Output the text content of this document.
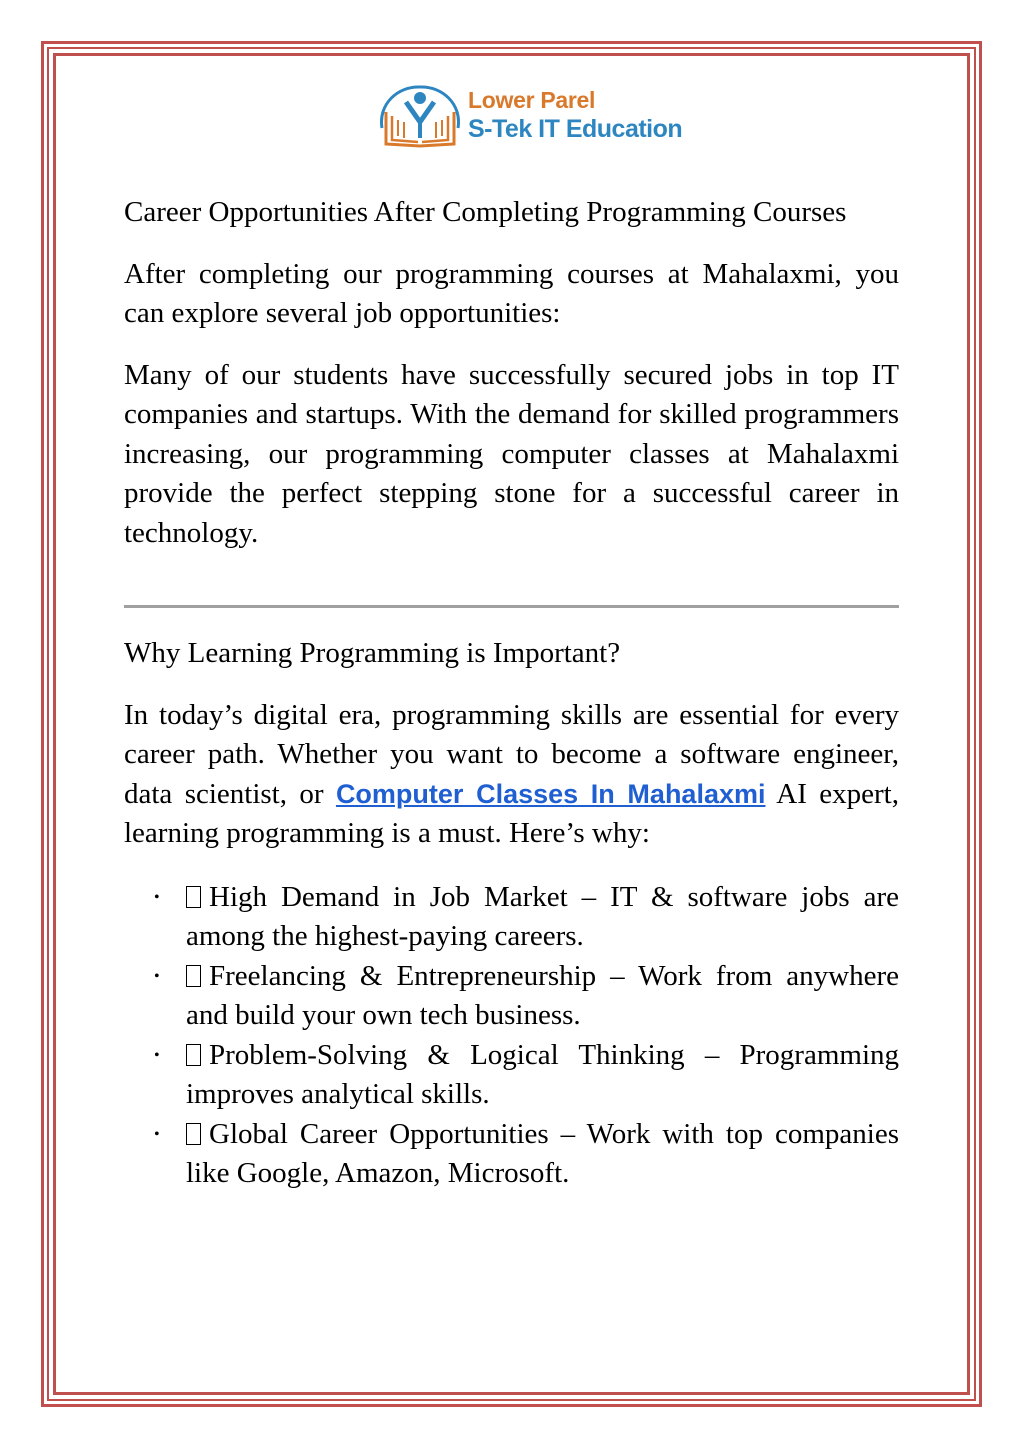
Lower Parel
S-Tek IT Education

Career Opportunities After Completing Programming Courses

After completing our programming courses at Mahalaxmi, you can explore several job opportunities:

Many of our students have successfully secured jobs in top IT companies and startups. With the demand for skilled programmers increasing, our programming computer classes at Mahalaxmi provide the perfect stepping stone for a successful career in technology.

Why Learning Programming is Important?

In today’s digital era, programming skills are essential for every career path. Whether you want to become a software engineer, data scientist, or Computer Classes In Mahalaxmi AI expert, learning programming is a must. Here’s why:

• High Demand in Job Market – IT & software jobs are among the highest-paying careers.
• Freelancing & Entrepreneurship – Work from anywhere and build your own tech business.
• Problem-Solving & Logical Thinking – Programming improves analytical skills.
• Global Career Opportunities – Work with top companies like Google, Amazon, Microsoft.
